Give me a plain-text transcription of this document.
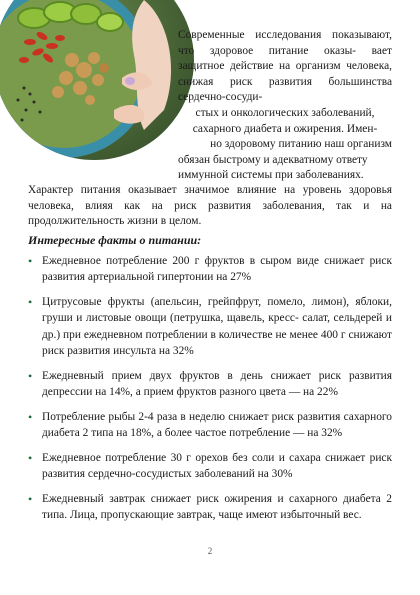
Современные исследования показывают,

что здоровое питание оказы- вает

защитное действие на организм человека,

снижая риск развития большинства

сердечно-сосуди-

стых и онкологических заболеваний,

сахарного диабета и ожирения. Имен-

но здоровому питанию наш организм

обязан быстрому и адекватному ответу

иммунной системы при заболеваниях.

Характер питания оказывает значимое влияние на уровень здоровья человека, влияя как на риск развития заболевания, так и на продолжительность жизни в целом.

Интересные факты о питании:
• Ежедневное потребление 200 г фруктов в сыром виде снижает риск развития артериальной гипертонии на 27%
• Цитрусовые фрукты (апельсин, грейпфрут, помело, лимон), яблоки, груши и листовые овощи (петрушка, щавель, кресс- салат, сельдерей и др.) при ежедневном потреблении в количестве не менее 400 г снижают риск развития инсульта на 32%
• Ежедневный прием двух фруктов в день снижает риск развития депрессии на 14%, а прием фруктов разного цвета — на 22%
• Потребление рыбы 2-4 раза в неделю снижает риск развития сахарного диабета 2 типа на 18%, а более частое потребление — на 32%
• Ежедневное потребление 30 г орехов без соли и сахара снижает риск развития сердечно-сосудистых заболеваний на 30%
• Ежедневный завтрак снижает риск ожирения и сахарного диабета 2 типа. Лица, пропускающие завтрак, чаще имеют избыточный вес.
2
